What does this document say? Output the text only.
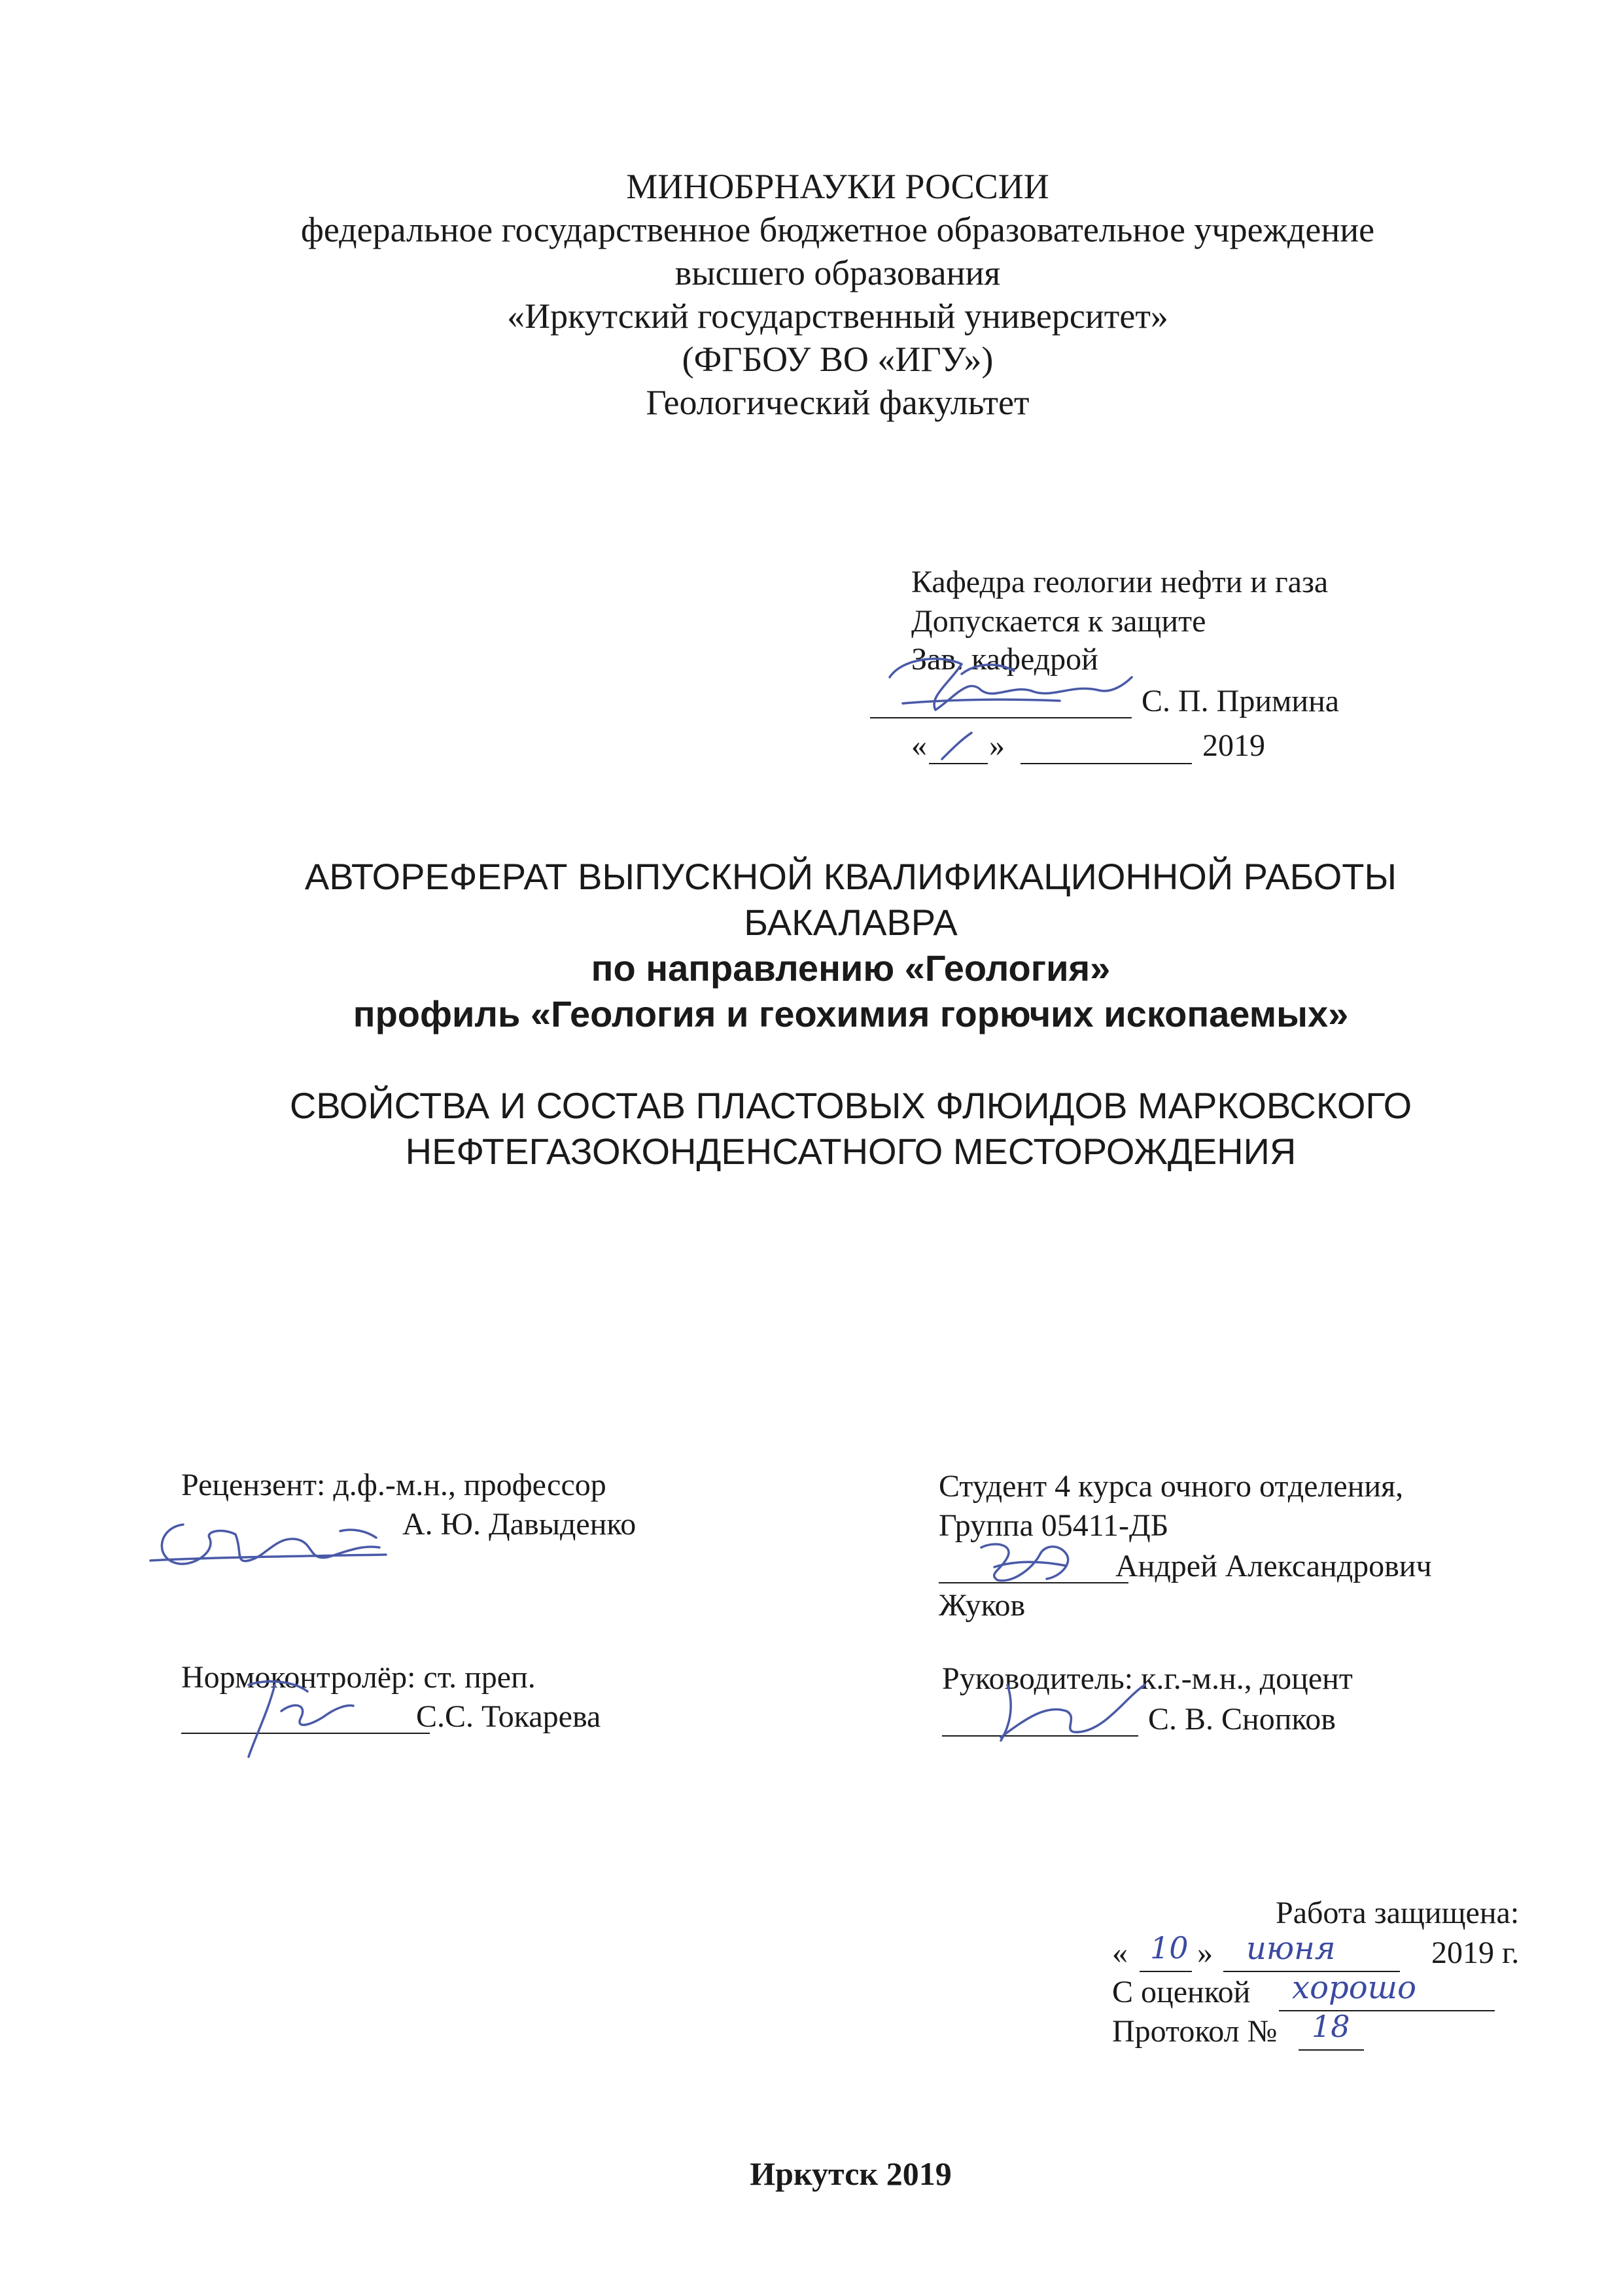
МИНОБРНАУКИ РОССИИ
федеральное государственное бюджетное образовательное учреждение
высшего образования
«Иркутский государственный университет»
(ФГБОУ ВО «ИГУ»)
Геологический факультет
Кафедра геологии нефти и газа
Допускается к защите
Зав. кафедрой
С. П. Примина
« »	2019
АВТОРЕФЕРАТ ВЫПУСКНОЙ КВАЛИФИКАЦИОННОЙ РАБОТЫ
БАКАЛАВРА
по направлению «Геология»
профиль «Геология и геохимия горючих ископаемых»
СВОЙСТВА И СОСТАВ ПЛАСТОВЫХ ФЛЮИДОВ МАРКОВСКОГО
НЕФТЕГАЗОКОНДЕНСАТНОГО МЕСТОРОЖДЕНИЯ
Рецензент: д.ф.-м.н., профессор
А. Ю. Давыденко
Студент 4 курса очного отделения,
Группа 05411-ДБ
Андрей Александрович
Жуков
Нормоконтролёр: ст. преп.
С.С. Токарева
Руководитель: к.г.-м.н., доцент
С. В. Снопков
Работа защищена:
« 10 » июня	2019 г.
С оценкой хорошо
Протокол № 18
Иркутск 2019
